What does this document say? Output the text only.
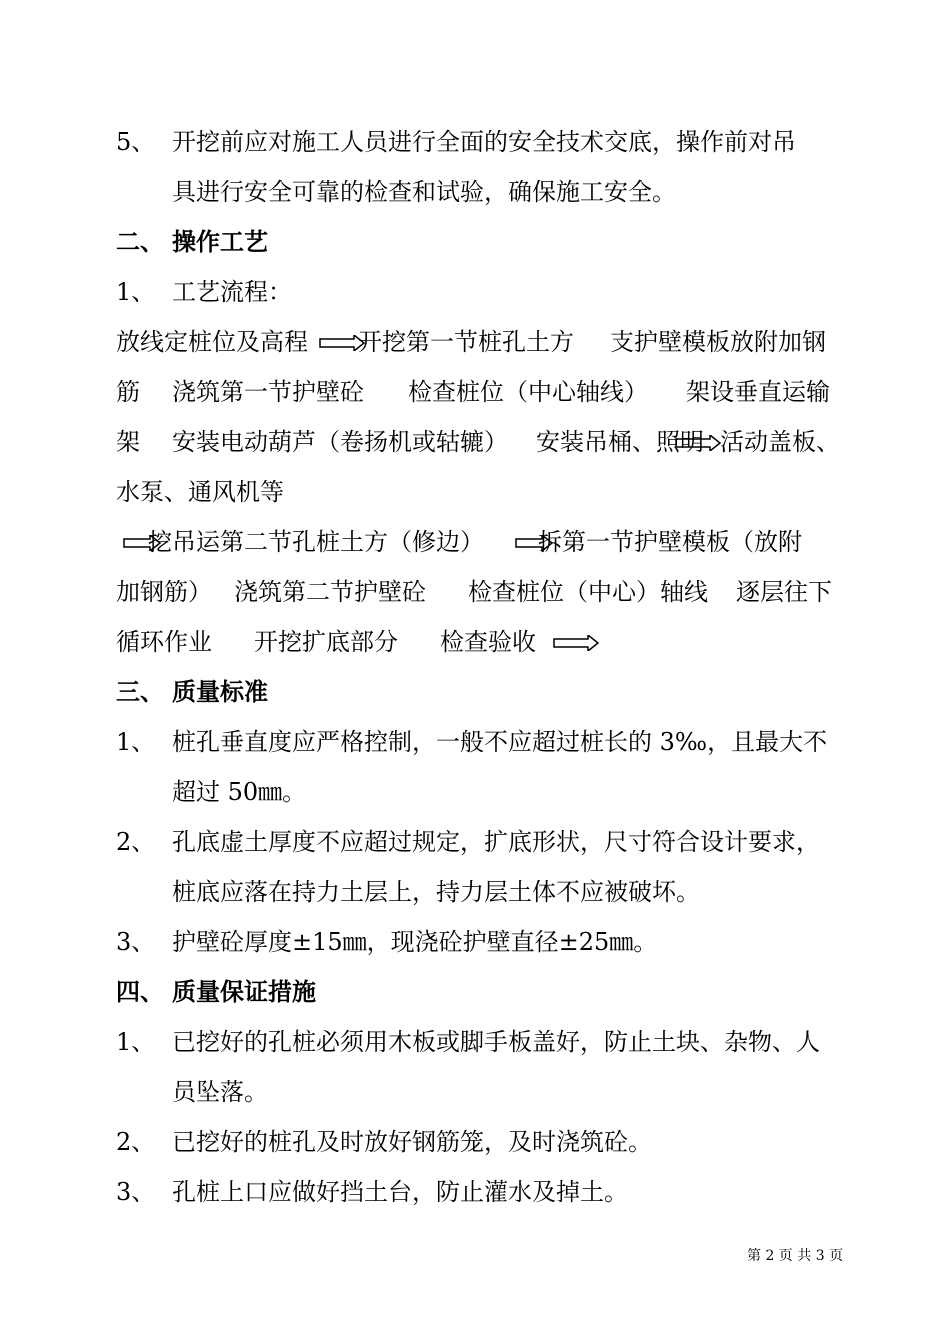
5、 开挖前应对施工人员进行全面的安全技术交底，操作前对吊
具进行安全可靠的检查和试验，确保施工安全。
二、 操作工艺
1、 工艺流程：
放线定桩位及高程 开挖第一节桩孔土方 支护壁模板放附加钢
筋 浇筑第一节护壁砼 检查桩位（中心轴线） 架设垂直运输
架 安装电动葫芦（卷扬机或轱辘） 安装吊桶、照明 活动盖板、
水泵、通风机等
挖吊运第二节孔桩土方（修边） 拆第一节护壁模板（放附
加钢筋） 浇筑第二节护壁砼 检查桩位（中心）轴线 逐层往下
循环作业 开挖扩底部分 检查验收
三、 质量标准
1、 桩孔垂直度应严格控制，一般不应超过桩长的 3‰，且最大不
超过 50㎜。
2、 孔底虚土厚度不应超过规定，扩底形状，尺寸符合设计要求，
桩底应落在持力土层上，持力层土体不应被破坏。
3、 护壁砼厚度±15㎜，现浇砼护壁直径±25㎜。
四、 质量保证措施
1、 已挖好的孔桩必须用木板或脚手板盖好，防止土块、杂物、人
员坠落。
2、 已挖好的桩孔及时放好钢筋笼，及时浇筑砼。
3、 孔桩上口应做好挡土台，防止灌水及掉土。
第 2 页 共 3 页
